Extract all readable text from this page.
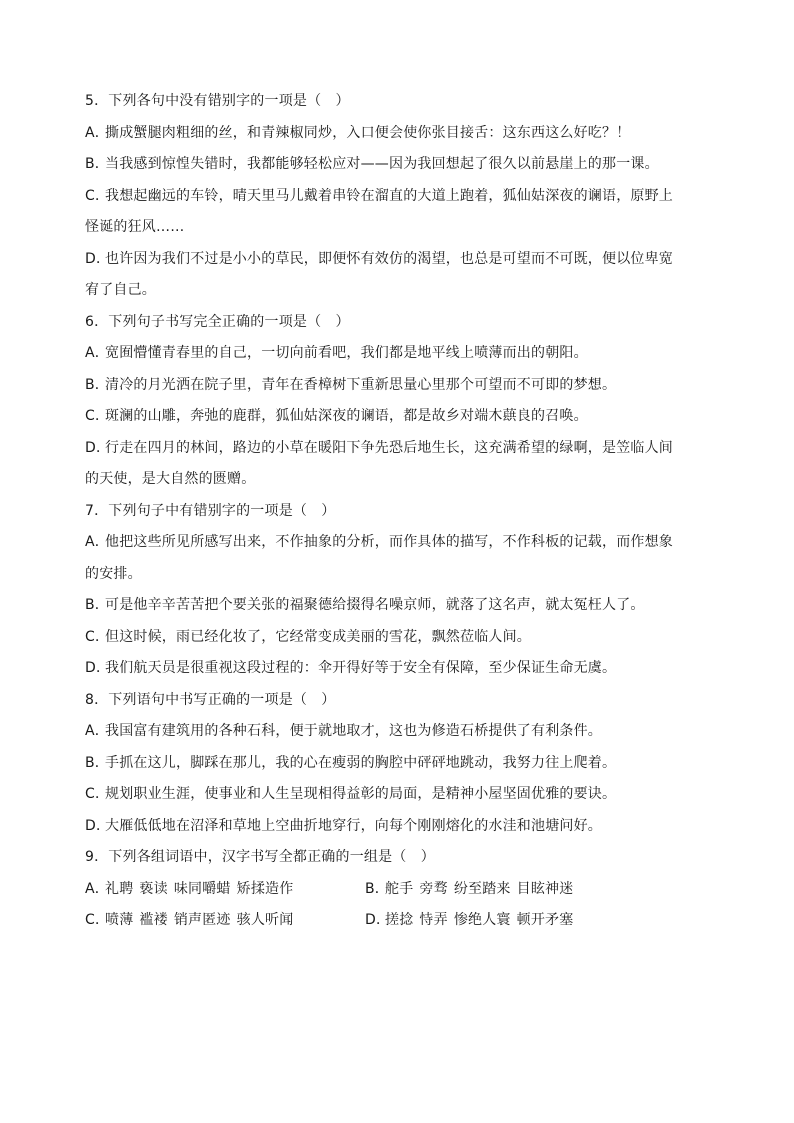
5．下列各句中没有错别字的一项是（　）
A．
撕成蟹腿肉粗细的丝，和青辣椒同炒，入口便会使你张目接舌：这东西这么好吃？！
B．
当我感到惊惶失错时，我都能够轻松应对——因为我回想起了很久以前悬崖上的那一课。
C．
我想起幽远的车铃，晴天里马儿戴着串铃在溜直的大道上跑着，狐仙姑深夜的谰语，原野上
怪诞的狂风……
D．
也许因为我们不过是小小的草民，即便怀有效仿的渴望，也总是可望而不可既，便以位卑宽
宥了自己。
6．下列句子书写完全正确的一项是（　）
A．
宽囿懵懂青春里的自己，一切向前看吧，我们都是地平线上喷薄而出的朝阳。
B．
清冷的月光洒在院子里，青年在香樟树下重新思量心里那个可望而不可即的梦想。
C．
斑澜的山雕，奔弛的鹿群，狐仙姑深夜的谰语，都是故乡对端木蕻良的召唤。
D．
行走在四月的林间，路边的小草在暖阳下争先恐后地生长，这充满希望的绿啊，是笠临人间
的天使，是大自然的匮赠。
7．下列句子中有错别字的一项是（　）
A．
他把这些所见所感写出来，不作抽象的分析，而作具体的描写，不作科板的记载，而作想象
的安排。
B．
可是他辛辛苦苦把个要关张的福聚德给掇得名噪京师，就落了这名声，就太冤枉人了。
C．
但这时候，雨已经化妆了，它经常变成美丽的雪花，飘然莅临人间。
D．
我们航天员是很重视这段过程的：伞开得好等于安全有保障，至少保证生命无虞。
8．下列语句中书写正确的一项是（　）
A．
我国富有建筑用的各种石科，便于就地取才，这也为修造石桥提供了有利条件。
B．
手抓在这儿，脚踩在那儿，我的心在瘦弱的胸腔中砰砰地跳动，我努力往上爬着。
C．
规划职业生涯，使事业和人生呈现相得益彰的局面，是精神小屋坚固优雅的要诀。
D．
大雁低低地在沼泽和草地上空曲折地穿行，向每个刚刚熔化的水洼和池塘问好。
9．下列各组词语中，汉字书写全都正确的一组是（　）
A．
礼聘 亵读 味同嚼蜡 矫揉造作	B．
舵手 旁骛 纷至踏来 目眩神迷
C．
喷薄 褴褛 销声匿迹 骇人听闻	D．
搓捻 恃弄 惨绝人寰 顿开矛塞
